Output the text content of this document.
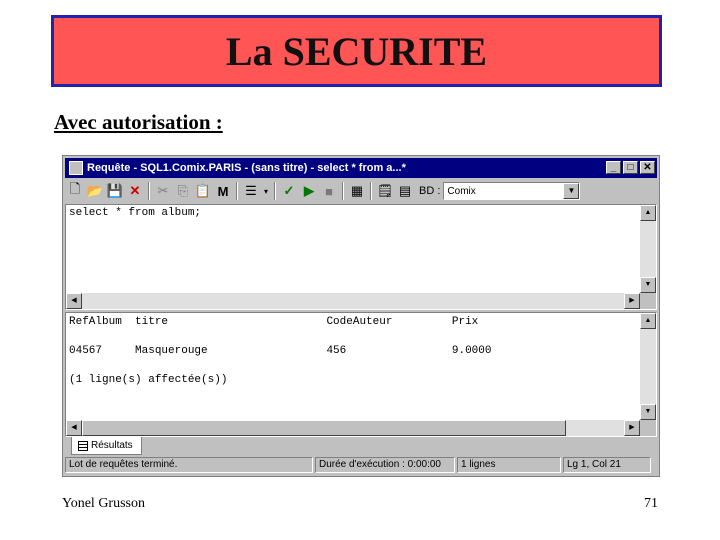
La SECURITE
Avec autorisation :
Requête - SQL1.Comix.PARIS - (sans titre) - select * from a...*	_	□ ✕
🗋 📂 💾 ✕	✂ ⎘ 📋 M	☰ ▾	✓ ▶ ■	▦ 🗒 ▤ BD : Comix	▼
select * from album;	▲
▼
◀	▶
RefAlbum  titre                        CodeAuteur         Prix
04567     Masquerouge                  456                9.0000
(1 ligne(s) affectée(s))
▲
▼
◀	▶
Résultats
Lot de requêtes terminé.	Durée d'exécution : 0:00:00	1 lignes	Lg 1, Col 21
Yonel Grusson	71
